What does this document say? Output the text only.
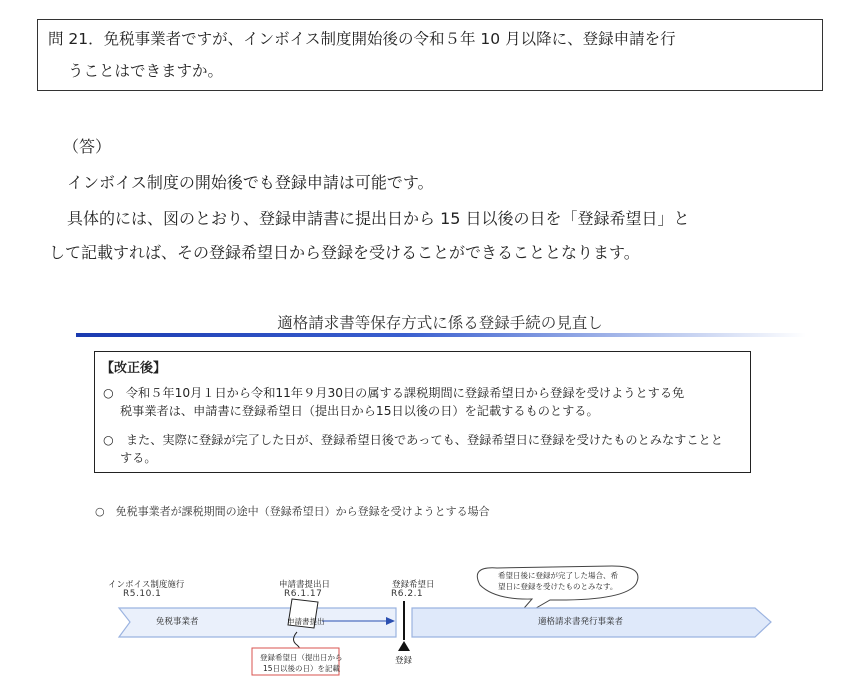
問 21．免税事業者ですが、インボイス制度開始後の令和５年 10 月以降に、登録申請を行
うことはできますか。
（答）
インボイス制度の開始後でも登録申請は可能です。
具体的には、図のとおり、登録申請書に提出日から 15 日以後の日を「登録希望日」と
して記載すれば、その登録希望日から登録を受けることができることとなります。
適格請求書等保存方式に係る登録手続の見直し
【改正後】
○　令和５年10月１日から令和11年９月30日の属する課税期間に登録希望日から登録を受けようとする免
税事業者は、申請書に登録希望日（提出日から15日以後の日）を記載するものとする。
○　また、実際に登録が完了した日が、登録希望日後であっても、登録希望日に登録を受けたものとみなすことと
する。
○　免税事業者が課税期間の途中（登録希望日）から登録を受けようとする場合
インボイス制度施行
R5.10.1
申請書提出日
R6.1.17
登録希望日
R6.2.1
希望日後に登録が完了した場合、希
望日に登録を受けたものとみなす。
免税事業者	申請書提出	適格請求書発行事業者
登録
登録希望日（提出日から
15日以後の日）を記載
